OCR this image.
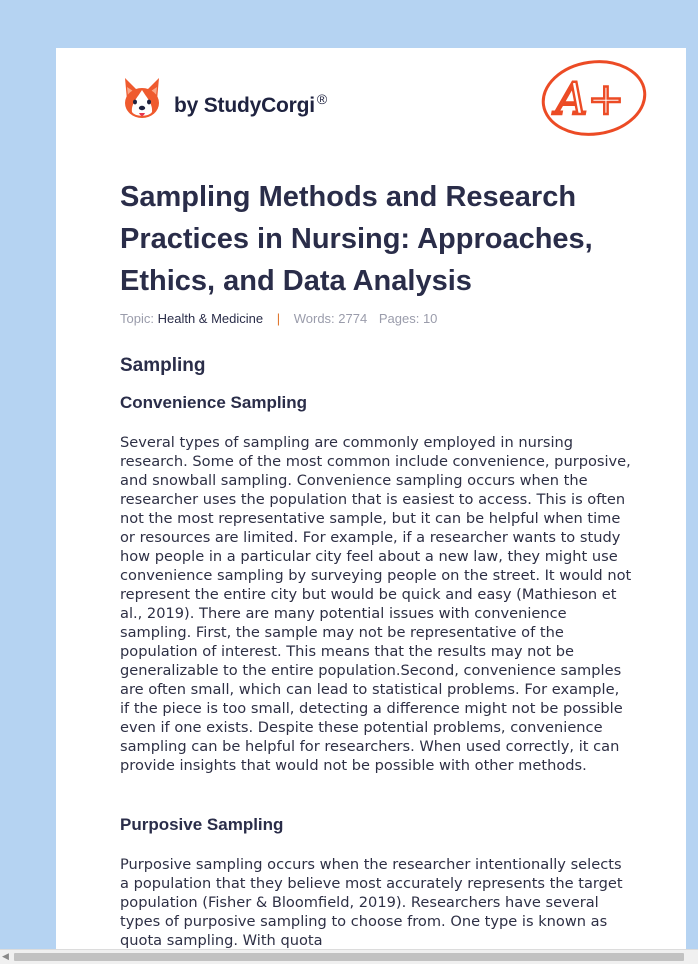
by StudyCorgi ®	A+
Sampling Methods and Research Practices in Nursing: Approaches, Ethics, and Data Analysis
Topic: Health & Medicine | Words: 2774 Pages: 10
Sampling
Convenience Sampling

Several types of sampling are commonly employed in nursing research. Some of the most common include convenience, purposive, and snowball sampling. Convenience sampling occurs when the researcher uses the population that is easiest to access. This is often not the most representative sample, but it can be helpful when time or resources are limited. For example, if a researcher wants to study how people in a particular city feel about a new law, they might use convenience sampling by surveying people on the street. It would not represent the entire city but would be quick and easy (Mathieson et al., 2019). There are many potential issues with convenience sampling. First, the sample may not be representative of the population of interest. This means that the results may not be generalizable to the entire population.Second, convenience samples are often small, which can lead to statistical problems. For example, if the piece is too small, detecting a difference might not be possible even if one exists. Despite these potential problems, convenience sampling can be helpful for researchers. When used correctly, it can provide insights that would not be possible with other methods.

Purposive Sampling

Purposive sampling occurs when the researcher intentionally selects a population that they believe most accurately represents the target population (Fisher & Bloomfield, 2019). Researchers have several types of purposive sampling to choose from. One type is known as quota sampling. With quota

◀
